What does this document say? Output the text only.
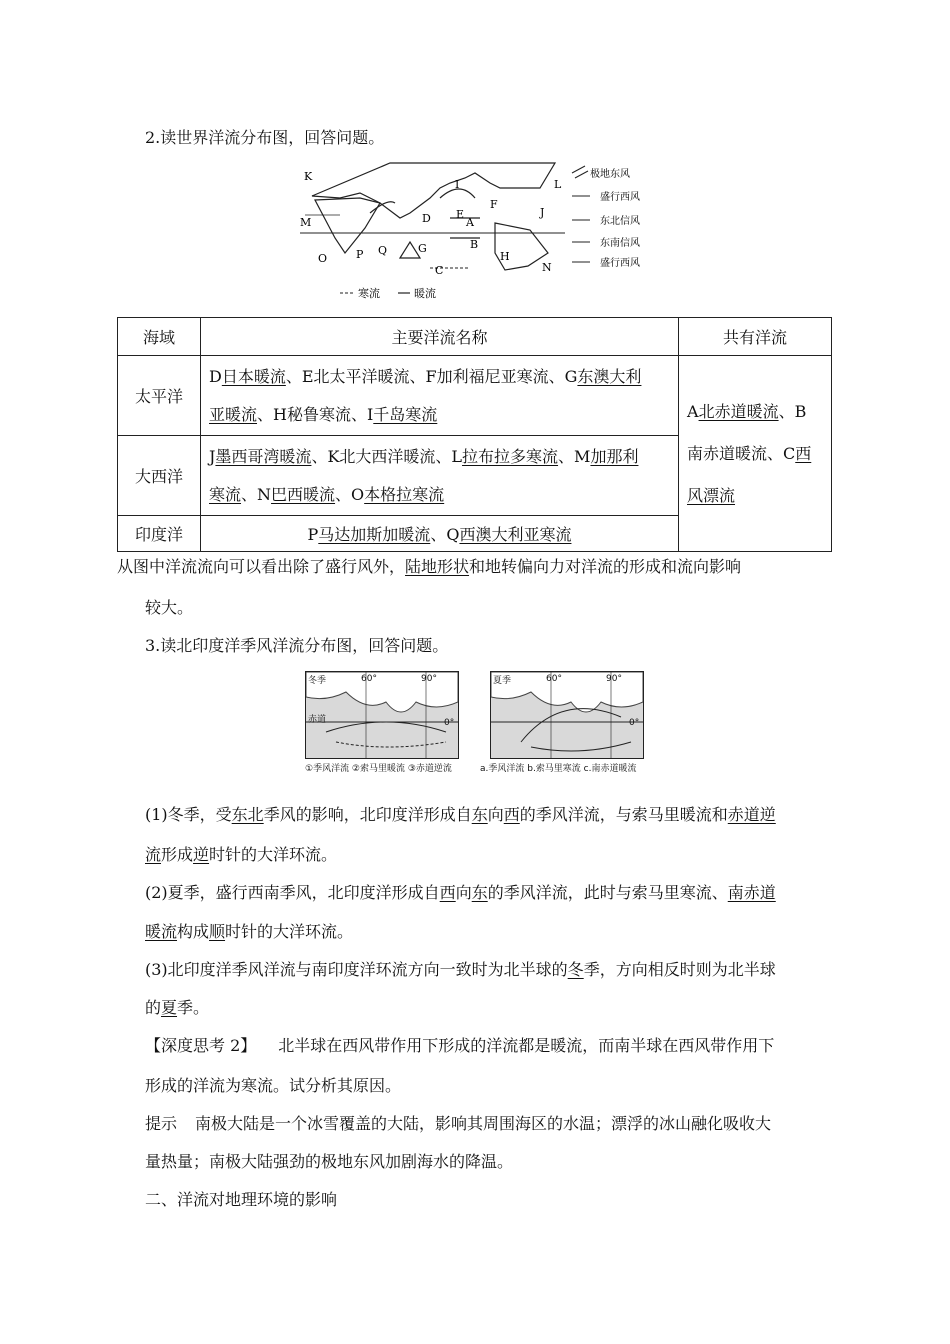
2.读世界洋流分布图，回答问题。
K
L
M
I
D E
A
F
J
B
O	P Q	G
H
C	N
极地东风
盛行西风
东北信风
东南信风
盛行西风
寒流	暖流
海域	主要洋流名称	共有洋流
太平洋	D日本暖流、E北太平洋暖流、F加利福尼亚寒流、G东澳大利
亚暖流、H秘鲁寒流、I千岛寒流	A北赤道暖流、B
南赤道暖流、C西
风漂流
大西洋	J墨西哥湾暖流、K北大西洋暖流、L拉布拉多寒流、M加那利
寒流、N巴西暖流、O本格拉寒流	
印度洋	P马达加斯加暖流、Q西澳大利亚寒流	
从图中洋流流向可以看出除了盛行风外，陆地形状和地转偏向力对洋流的形成和流向影响
较大。
3.读北印度洋季风洋流分布图，回答问题。
冬季
赤道
60°	90°
0°
①季风洋流 ②索马里暖流 ③赤道逆流
夏季	60°	90°
0°
a.季风洋流 b.索马里寒流 c.南赤道暖流
(1)冬季，受东北季风的影响，北印度洋形成自东向西的季风洋流，与索马里暖流和赤道逆
流形成逆时针的大洋环流。
(2)夏季，盛行西南季风，北印度洋形成自西向东的季风洋流，此时与索马里寒流、南赤道
暖流构成顺时针的大洋环流。
(3)北印度洋季风洋流与南印度洋环流方向一致时为北半球的冬季，方向相反时则为北半球
的夏季。
【深度思考 2】 北半球在西风带作用下形成的洋流都是暖流，而南半球在西风带作用下
形成的洋流为寒流。试分析其原因。
提示 南极大陆是一个冰雪覆盖的大陆，影响其周围海区的水温；漂浮的冰山融化吸收大
量热量；南极大陆强劲的极地东风加剧海水的降温。
二、洋流对地理环境的影响
